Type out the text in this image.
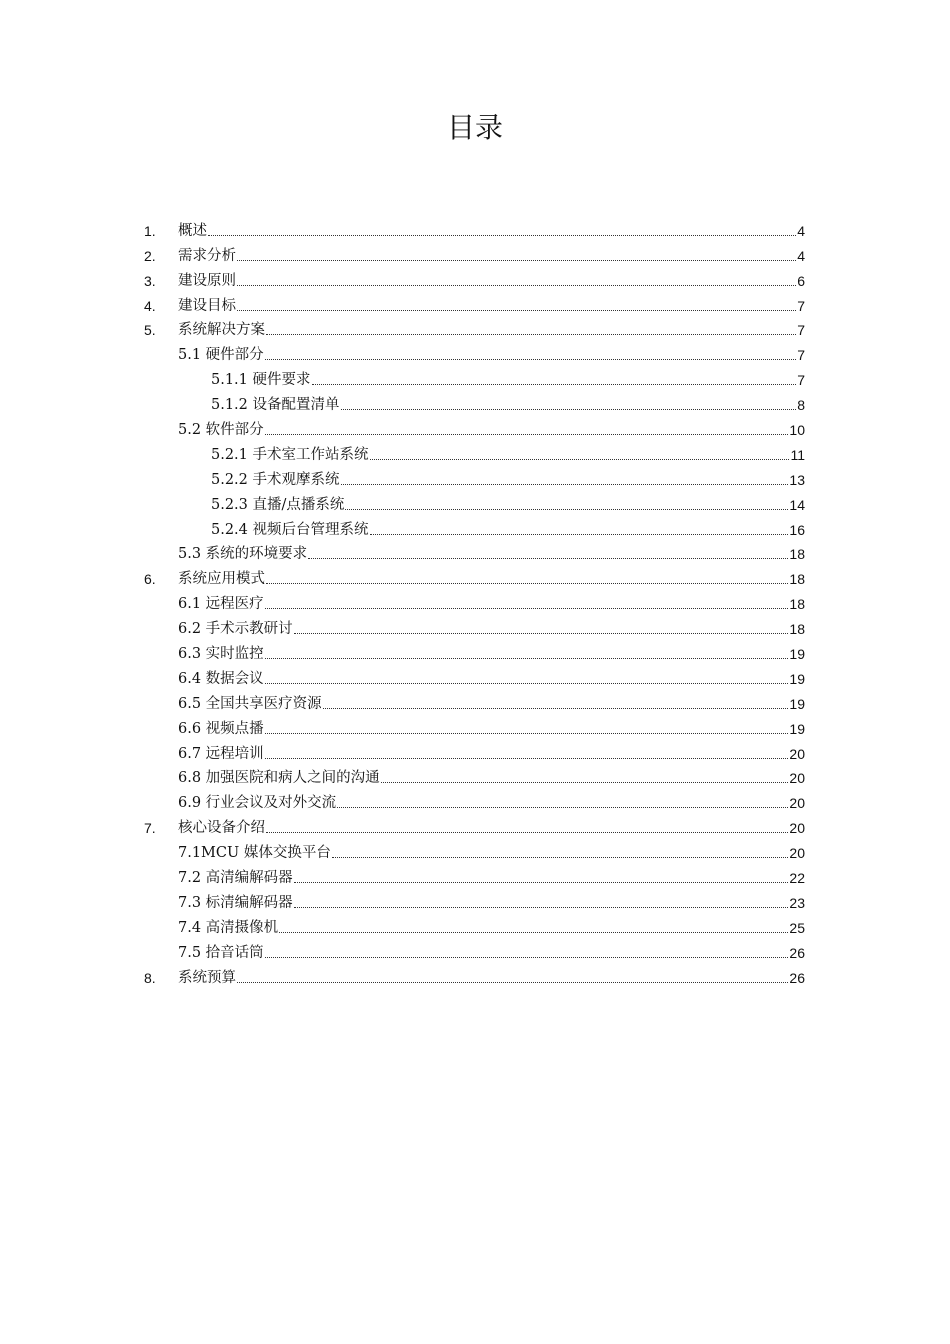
目录
1. 概述	4
2. 需求分析	4
3. 建设原则	6
4. 建设目标	7
5. 系统解决方案	7
5.1 硬件部分	7
5.1.1 硬件要求	7
5.1.2 设备配置清单	8
5.2 软件部分	10
5.2.1 手术室工作站系统	11
5.2.2 手术观摩系统	13
5.2.3 直播/点播系统	14
5.2.4 视频后台管理系统	16
5.3 系统的环境要求	18
6. 系统应用模式	18
6.1 远程医疗	18
6.2 手术示教研讨	18
6.3 实时监控	19
6.4 数据会议	19
6.5 全国共享医疗资源	19
6.6 视频点播	19
6.7 远程培训	20
6.8 加强医院和病人之间的沟通	20
6.9 行业会议及对外交流	20
7. 核心设备介绍	20
7.1MCU 媒体交换平台	20
7.2 高清编解码器	22
7.3 标清编解码器	23
7.4 高清摄像机	25
7.5 拾音话筒	26
8. 系统预算	26
